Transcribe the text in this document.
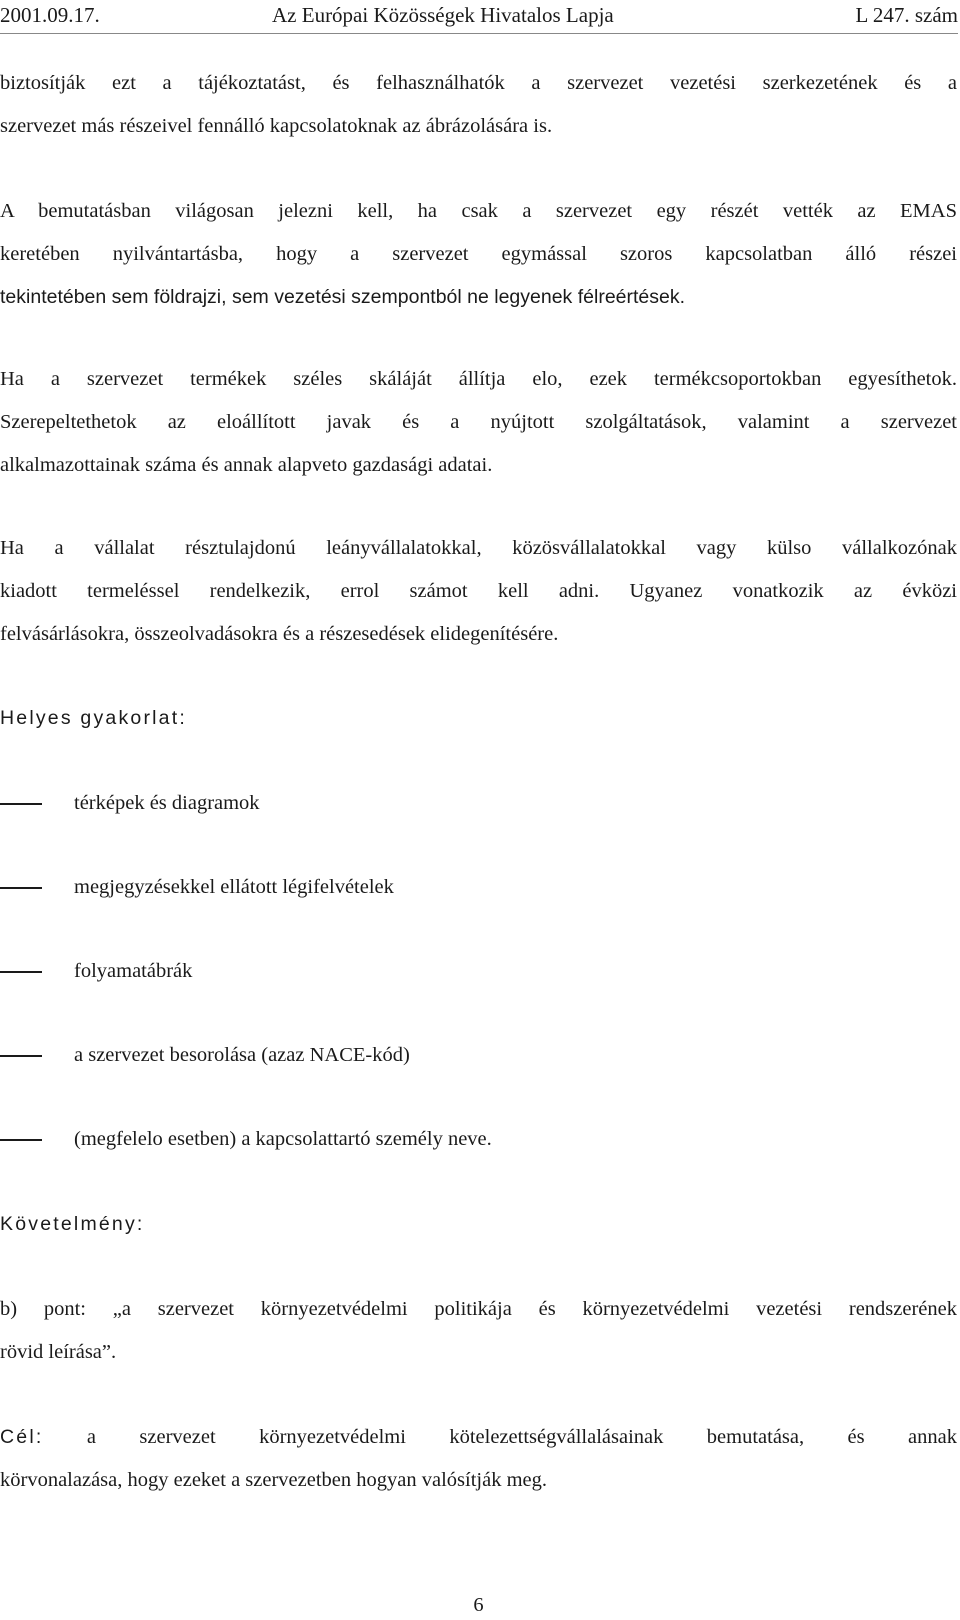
2001.09.17.	Az Európai Közösségek Hivatalos Lapja	L 247. szám
biztosítják ezt a tájékoztatást, és felhasználhatók a szervezet vezetési szerkezetének és a
szervezet más részeivel fennálló kapcsolatoknak az ábrázolására is.
A bemutatásban világosan jelezni kell, ha csak a szervezet egy részét vették az EMAS
keretében nyilvántartásba, hogy a szervezet egymással szoros kapcsolatban álló részei
tekintetében sem földrajzi, sem vezetési szempontból ne legyenek félreértések.
Ha a szervezet termékek széles skáláját állítja elo, ezek termékcsoportokban egyesíthetok.
Szerepeltethetok az eloállított javak és a nyújtott szolgáltatások, valamint a szervezet
alkalmazottainak száma és annak alapveto gazdasági adatai.
Ha a vállalat résztulajdonú leányvállalatokkal, közösvállalatokkal vagy külso vállalkozónak
kiadott termeléssel rendelkezik, errol számot kell adni. Ugyanez vonatkozik az évközi
felvásárlásokra, összeolvadásokra és a részesedések elidegenítésére.
Helyes gyakorlat:
térképek és diagramok
megjegyzésekkel ellátott légifelvételek
folyamatábrák
a szervezet besorolása (azaz NACE-kód)
(megfelelo esetben) a kapcsolattartó személy neve.
Követelmény:
b) pont: „a szervezet környezetvédelmi politikája és környezetvédelmi vezetési rendszerének
rövid leírása”.
Cél: a szervezet környezetvédelmi kötelezettségvállalásainak bemutatása, és annak
körvonalazása, hogy ezeket a szervezetben hogyan valósítják meg.
6
